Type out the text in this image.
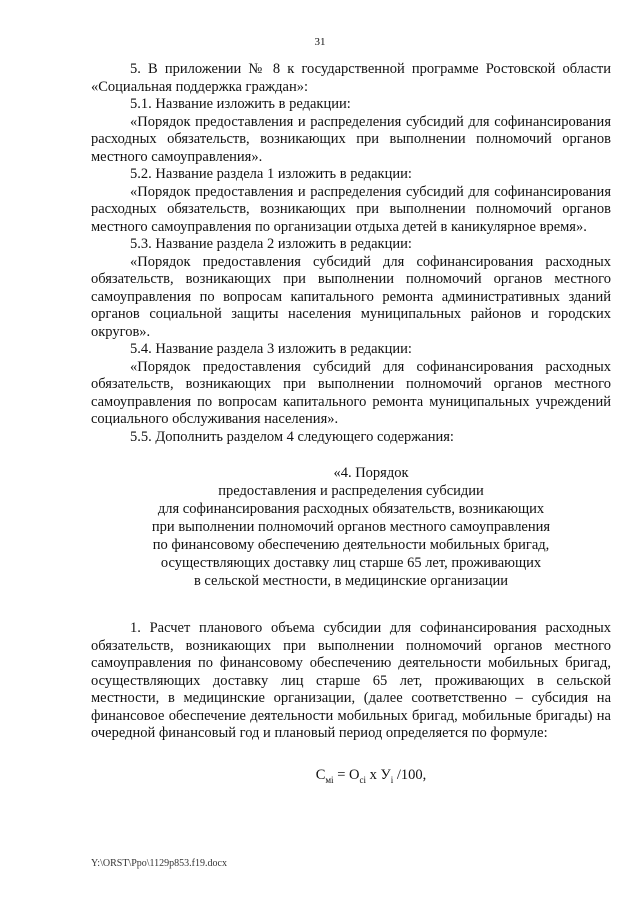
31

5. В приложении № 8 к государственной программе Ростовской области «Социальная поддержка граждан»:

5.1. Название изложить в редакции:

«Порядок предоставления и распределения субсидий для софинансирования расходных обязательств, возникающих при выполнении полномочий органов местного самоуправления».

5.2. Название раздела 1 изложить в редакции:

«Порядок предоставления и распределения субсидий для софинансирования расходных обязательств, возникающих при выполнении полномочий органов местного самоуправления по организации отдыха детей в каникулярное время».

5.3. Название раздела 2 изложить в редакции:

«Порядок предоставления субсидий для софинансирования расходных обязательств, возникающих при выполнении полномочий органов местного самоуправления по вопросам капитального ремонта административных зданий органов социальной защиты населения муниципальных районов и городских округов».

5.4. Название раздела 3 изложить в редакции:

«Порядок предоставления субсидий для софинансирования расходных обязательств, возникающих при выполнении полномочий органов местного самоуправления по вопросам капитального ремонта муниципальных учреждений социального обслуживания населения».

5.5. Дополнить разделом 4 следующего содержания:

«4. Порядок
предоставления и распределения субсидии
для софинансирования расходных обязательств, возникающих
при выполнении полномочий органов местного самоуправления
по финансовому обеспечению деятельности мобильных бригад,
осуществляющих доставку лиц старше 65 лет, проживающих
в сельской местности, в медицинские организации

1. Расчет планового объема субсидии для софинансирования расходных обязательств, возникающих при выполнении полномочий органов местного самоуправления по финансовому обеспечению деятельности мобильных бригад, осуществляющих доставку лиц старше 65 лет, проживающих в сельской местности, в медицинские организации, (далее соответственно – субсидия на финансовое обеспечение деятельности мобильных бригад, мобильные бригады) на очередной финансовый год и плановый период определяется по формуле:

$С_{мi} = О_{ci}$ x $У_i$ /100,
Y:\ORST\Ppo\1129p853.f19.docx
